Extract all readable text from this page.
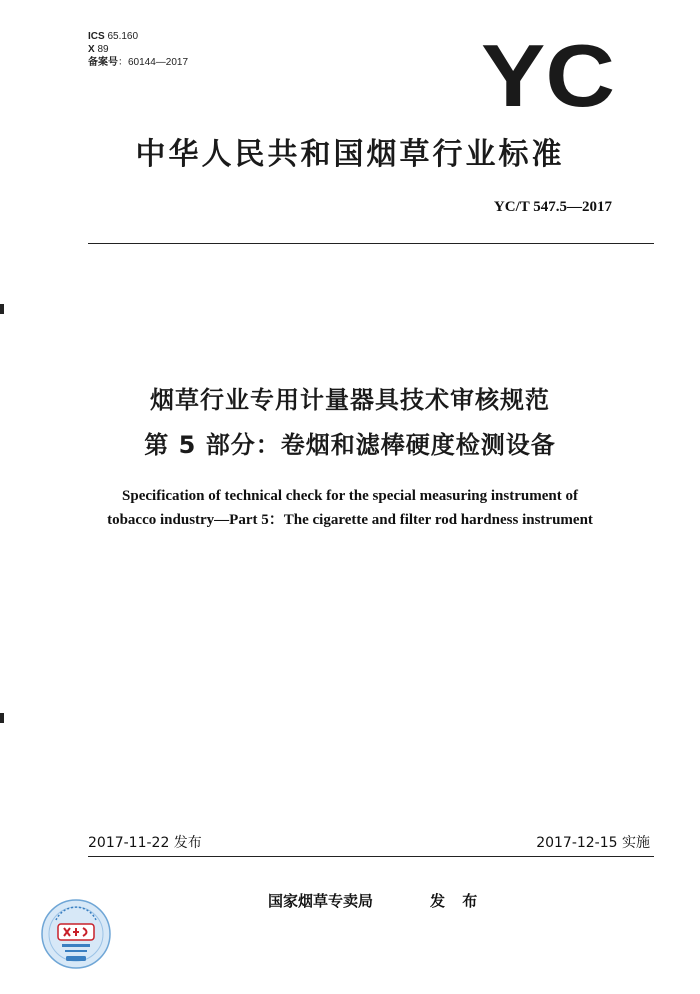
ICS 65.160
X 89
备案号：60144—2017	YC
中华人民共和国烟草行业标准
YC/T 547.5—2017
烟草行业专用计量器具技术审核规范
第 5 部分：卷烟和滤棒硬度检测设备
Specification of technical check for the special measuring instrument of
tobacco industry—Part 5：The cigarette and filter rod hardness instrument
2017-11-22 发布	2017-12-15 实施
国家烟草专卖局	发 布
